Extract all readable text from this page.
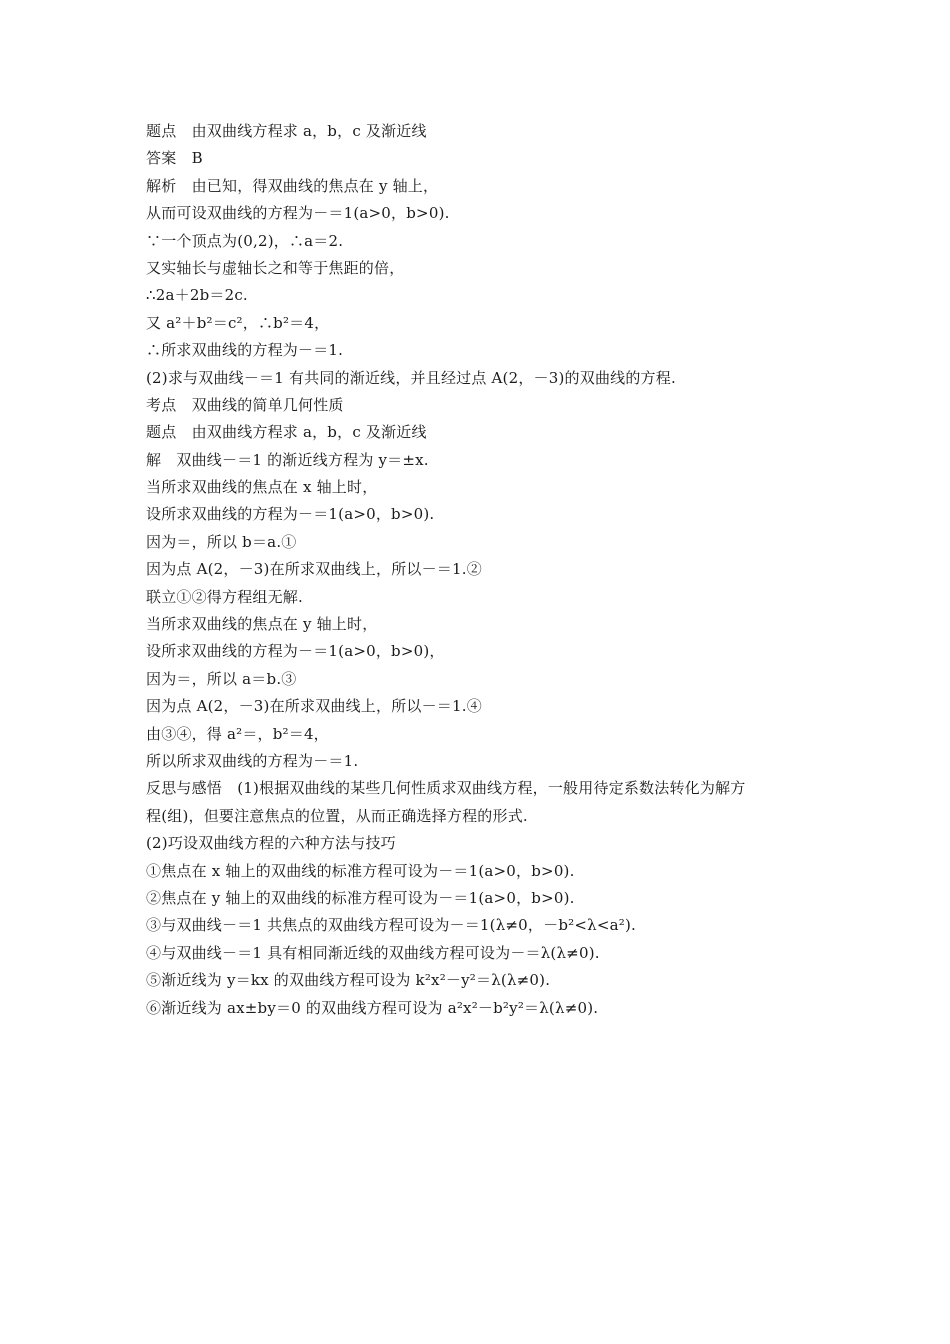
题点　由双曲线方程求 a，b，c 及渐近线
答案　B
解析　由已知，得双曲线的焦点在 y 轴上，
从而可设双曲线的方程为－＝1(a>0，b>0).
∵一个顶点为(0,2)，∴a＝2.
又实轴长与虚轴长之和等于焦距的倍，
∴2a＋2b＝2c.
又 a²＋b²＝c²，∴b²＝4，
∴所求双曲线的方程为－＝1.
(2)求与双曲线－＝1 有共同的渐近线，并且经过点 A(2，－3)的双曲线的方程.
考点　双曲线的简单几何性质
题点　由双曲线方程求 a，b，c 及渐近线
解　双曲线－＝1 的渐近线方程为 y＝±x.
当所求双曲线的焦点在 x 轴上时，
设所求双曲线的方程为－＝1(a>0，b>0).
因为＝，所以 b＝a.①
因为点 A(2，－3)在所求双曲线上，所以－＝1.②
联立①②得方程组无解.
当所求双曲线的焦点在 y 轴上时，
设所求双曲线的方程为－＝1(a>0，b>0)，
因为＝，所以 a＝b.③
因为点 A(2，－3)在所求双曲线上，所以－＝1.④
由③④，得 a²＝，b²＝4，
所以所求双曲线的方程为－＝1.
反思与感悟　(1)根据双曲线的某些几何性质求双曲线方程，一般用待定系数法转化为解方
程(组)，但要注意焦点的位置，从而正确选择方程的形式.
(2)巧设双曲线方程的六种方法与技巧
①焦点在 x 轴上的双曲线的标准方程可设为－＝1(a>0，b>0).
②焦点在 y 轴上的双曲线的标准方程可设为－＝1(a>0，b>0).
③与双曲线－＝1 共焦点的双曲线方程可设为－＝1(λ≠0，－b²<λ<a²).
④与双曲线－＝1 具有相同渐近线的双曲线方程可设为－＝λ(λ≠0).
⑤渐近线为 y＝kx 的双曲线方程可设为 k²x²－y²＝λ(λ≠0).
⑥渐近线为 ax±by＝0 的双曲线方程可设为 a²x²－b²y²＝λ(λ≠0).
